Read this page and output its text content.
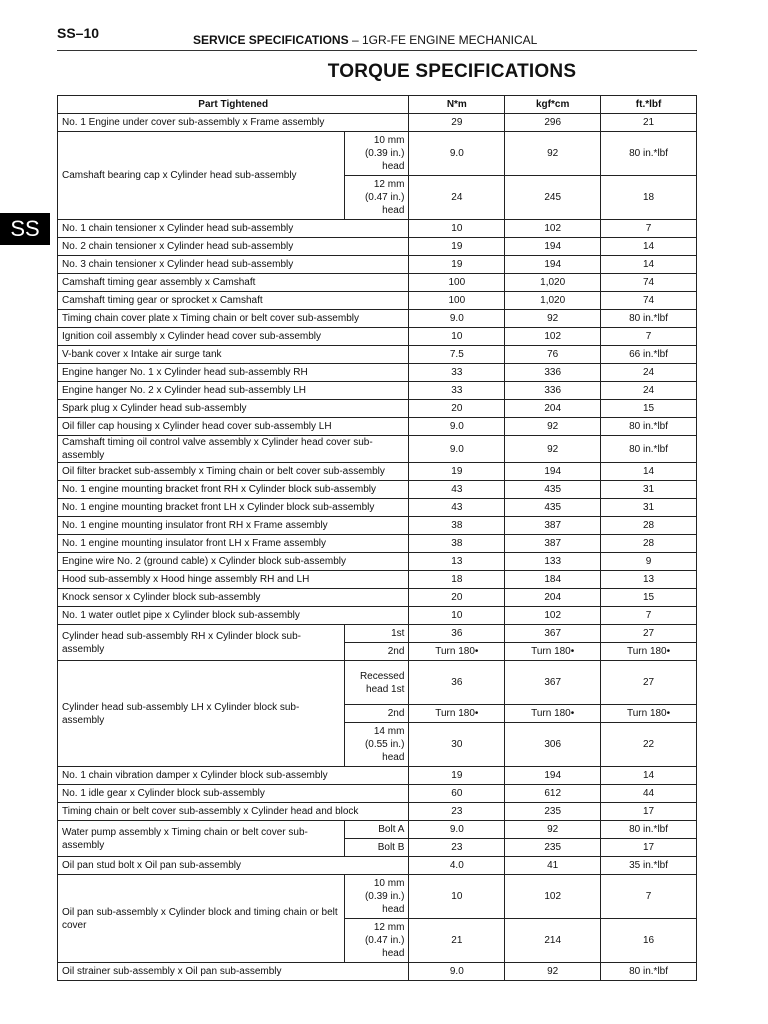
SS–10	SERVICE SPECIFICATIONS – 1GR-FE ENGINE MECHANICAL
TORQUE SPECIFICATIONS
SS
Part Tightened		N*m	kgf*cm	ft.*lbf
No. 1 Engine under cover sub-assembly x Frame assembly		29	296	21
Camshaft bearing cap x Cylinder head sub-assembly	10 mm (0.39 in.) head	9.0	92	80 in.*lbf
	12 mm (0.47 in.) head	24	245	18
No. 1 chain tensioner x Cylinder head sub-assembly		10	102	7
No. 2 chain tensioner x Cylinder head sub-assembly		19	194	14
No. 3 chain tensioner x Cylinder head sub-assembly		19	194	14
Camshaft timing gear assembly x Camshaft		100	1,020	74
Camshaft timing gear or sprocket x Camshaft		100	1,020	74
Timing chain cover plate x Timing chain or belt cover sub-assembly		9.0	92	80 in.*lbf
Ignition coil assembly x Cylinder head cover sub-assembly		10	102	7
V-bank cover x Intake air surge tank		7.5	76	66 in.*lbf
Engine hanger No. 1 x Cylinder head sub-assembly RH		33	336	24
Engine hanger No. 2 x Cylinder head sub-assembly LH		33	336	24
Spark plug x Cylinder head sub-assembly		20	204	15
Oil filler cap housing x Cylinder head cover sub-assembly LH		9.0	92	80 in.*lbf
Camshaft timing oil control valve assembly x Cylinder head cover sub-assembly		9.0	92	80 in.*lbf
Oil filter bracket sub-assembly x Timing chain or belt cover sub-assembly		19	194	14
No. 1 engine mounting bracket front RH x Cylinder block sub-assembly		43	435	31
No. 1 engine mounting bracket front LH x Cylinder block sub-assembly		43	435	31
No. 1 engine mounting insulator front RH x Frame assembly		38	387	28
No. 1 engine mounting insulator front LH x Frame assembly		38	387	28
Engine wire No. 2 (ground cable) x Cylinder block sub-assembly		13	133	9
Hood sub-assembly x Hood hinge assembly RH and LH		18	184	13
Knock sensor x Cylinder block sub-assembly		20	204	15
No. 1 water outlet pipe x Cylinder block sub-assembly		10	102	7
Cylinder head sub-assembly RH x Cylinder block sub-assembly	1st	36	367	27
	2nd	Turn 180•	Turn 180•	Turn 180•
Cylinder head sub-assembly LH x Cylinder block sub-assembly	Recessed head 1st	36	367	27
	2nd	Turn 180•	Turn 180•	Turn 180•
	14 mm (0.55 in.) head	30	306	22
No. 1 chain vibration damper x Cylinder block sub-assembly		19	194	14
No. 1 idle gear x Cylinder block sub-assembly		60	612	44
Timing chain or belt cover sub-assembly x Cylinder head and block		23	235	17
Water pump assembly x Timing chain or belt cover sub-assembly	Bolt A	9.0	92	80 in.*lbf
	Bolt B	23	235	17
Oil pan stud bolt x Oil pan sub-assembly		4.0	41	35 in.*lbf
Oil pan sub-assembly x Cylinder block and timing chain or belt cover	10 mm (0.39 in.) head	10	102	7
	12 mm (0.47 in.) head	21	214	16
Oil strainer sub-assembly x Oil pan sub-assembly		9.0	92	80 in.*lbf
